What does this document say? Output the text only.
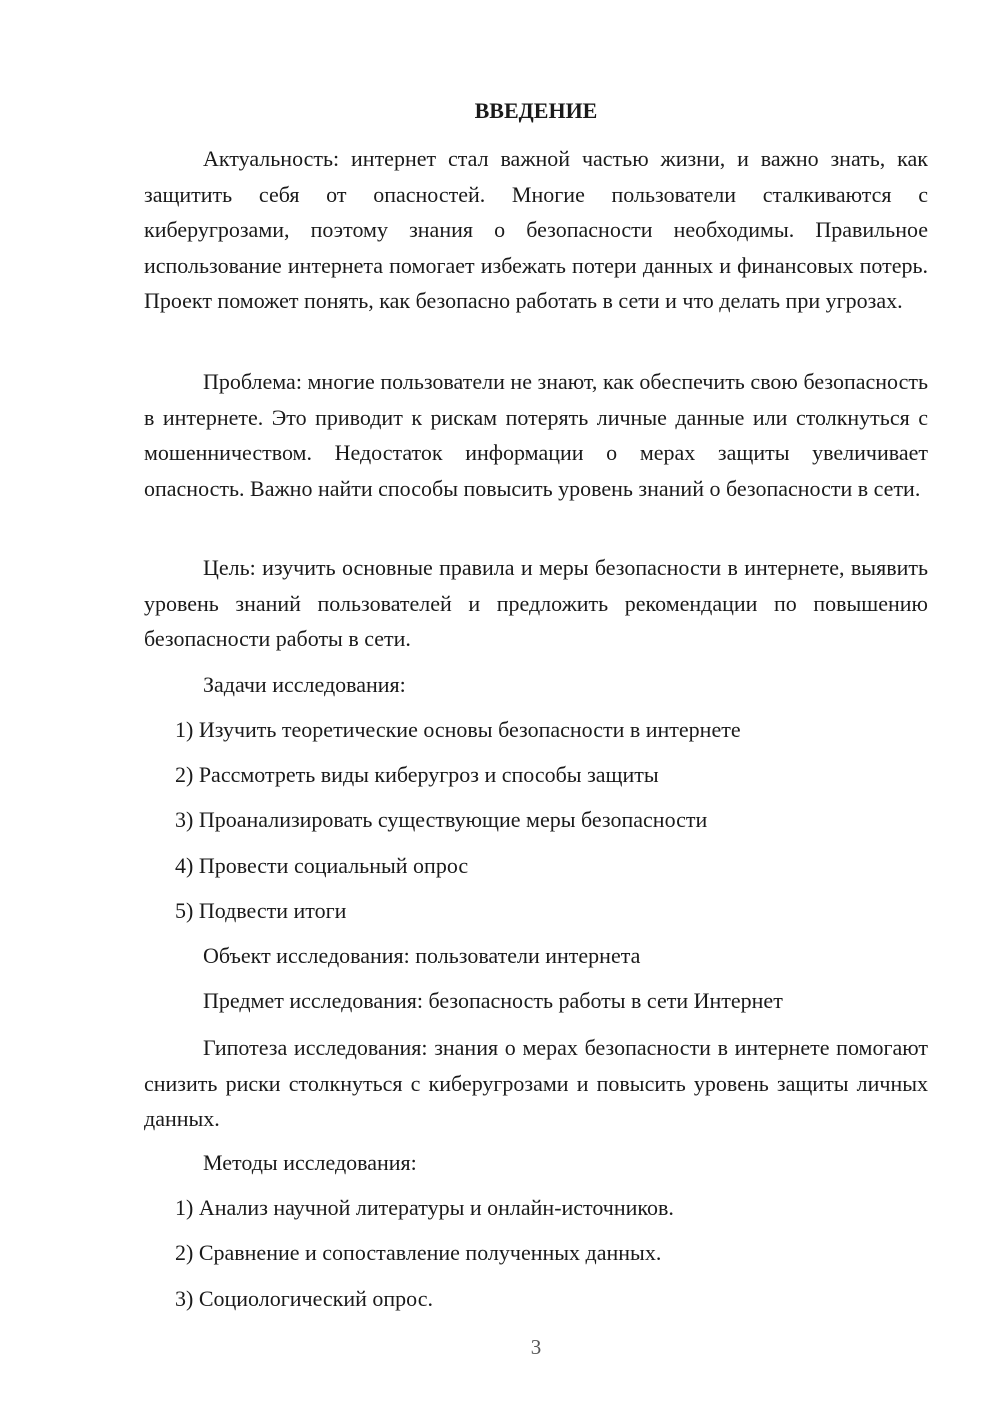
ВВЕДЕНИЕ

Актуальность: интернет стал важной частью жизни, и важно знать, как защитить себя от опасностей. Многие пользователи сталкиваются с киберугрозами, поэтому знания о безопасности необходимы. Правильное использование интернета помогает избежать потери данных и финансовых потерь. Проект поможет понять, как безопасно работать в сети и что делать при угрозах.

Проблема: многие пользователи не знают, как обеспечить свою безопасность в интернете. Это приводит к рискам потерять личные данные или столкнуться с мошенничеством. Недостаток информации о мерах защиты увеличивает опасность. Важно найти способы повысить уровень знаний о безопасности в сети.

Цель: изучить основные правила и меры безопасности в интернете, выявить уровень знаний пользователей и предложить рекомендации по повышению безопасности работы в сети.

Задачи исследования:

1) Изучить теоретические основы безопасности в интернете

2) Рассмотреть виды киберугроз и способы защиты

3) Проанализировать существующие меры безопасности

4) Провести социальный опрос

5) Подвести итоги

Объект исследования: пользователи интернета

Предмет исследования: безопасность работы в сети Интернет

Гипотеза исследования: знания о мерах безопасности в интернете помогают снизить риски столкнуться с киберугрозами и повысить уровень защиты личных данных.

Методы исследования:

1) Анализ научной литературы и онлайн-источников.

2) Сравнение и сопоставление полученных данных.

3) Социологический опрос.

3
